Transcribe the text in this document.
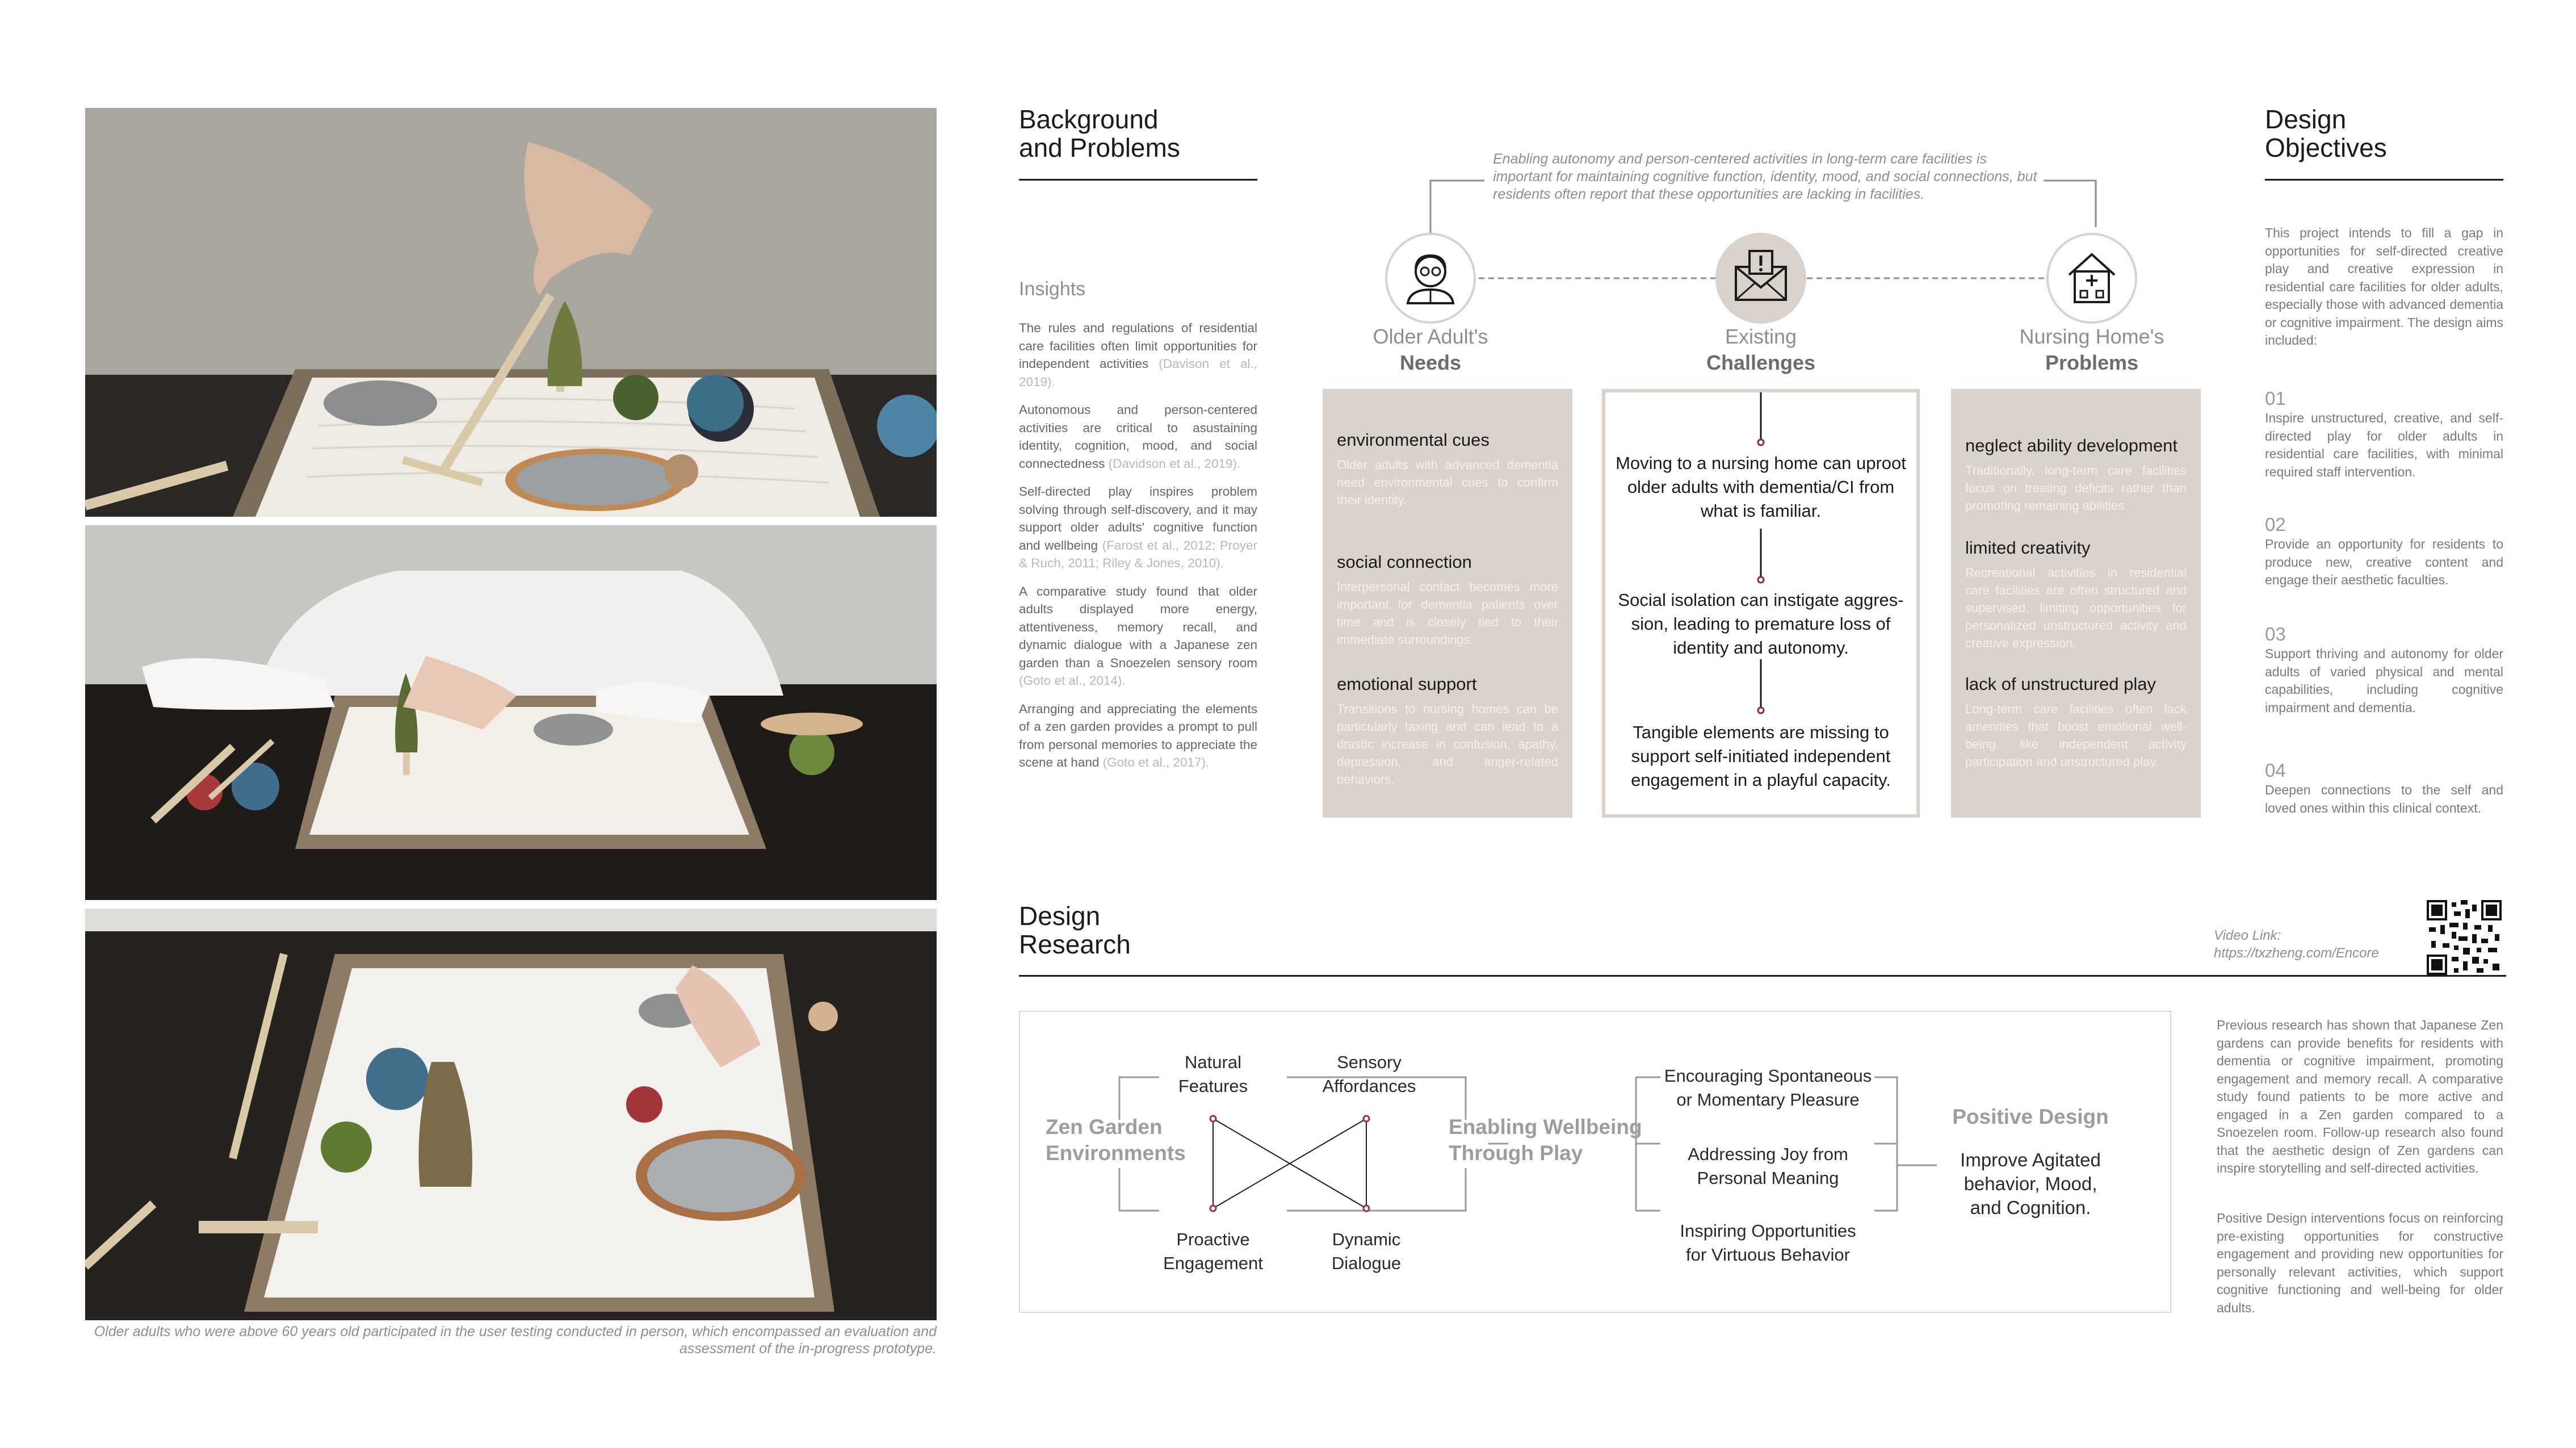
Older adults who were above 60 years old participated in the user testing conducted in person, which encompassed an evaluation and assessment of the in-progress prototype.
Background
and Problems
Insights

The rules and regulations of residential care facilities often limit opportunities for independent activities (Davison et al., 2019).

Autonomous and person-centered activities are critical to asustaining identity, cognition, mood, and social connectedness (Davidson et al., 2019).

Self-directed play inspires problem solving through self-discovery, and it may support older adults' cognitive function and wellbeing (Farost et al., 2012; Proyer & Ruch, 2011; Riley & Jones, 2010).

A comparative study found that older adults displayed more energy, attentiveness, memory recall, and dynamic dialogue with a Japanese zen garden than a Snoezelen sensory room (Goto et al., 2014).

Arranging and appreciating the elements of a zen garden provides a prompt to pull from personal memories to appreciate the scene at hand (Goto et al., 2017).

Enabling autonomy and person-centered activities in long-term care facilities is important for maintaining cognitive function, identity, mood, and social connections, but residents often report that these opportunities are lacking in facilities.
Older Adult's
Needs
Existing
Challenges
Nursing Home's
Problems
environmental cues
Older adults with advanced dementia need environmental cues to confirm their identity.
social connection
Interpersonal contact becomes more important for dementia patients over time and is closely tied to their immediate surroundings.
emotional support
Transitions to nursing homes can be particularly taxing and can lead to a drastic increase in confusion, apathy, depression, and anger-related behaviors.
Moving to a nursing home can uproot older adults with dementia/CI from what is familiar.
Social isolation can instigate aggres-sion, leading to premature loss of identity and autonomy.
Tangible elements are missing to support self-initiated independent engagement in a playful capacity.
neglect ability development
Traditionally, long-term care facilities focus on treating deficits rather than promoting remaining abilities.
limited creativity
Recreational activities in residential care facilities are often structured and supervised, limiting opportunities for personalized unstructured activity and creative expression.
lack of unstructured play
Long-term care facilities often lack amenities that boost emotional well-being, like independent activity participation and unstructured play.
Design
Objectives
This project intends to fill a gap in opportunities for self-directed creative play and creative expression in residential care facilities for older adults, especially those with advanced dementia or cognitive impairment. The design aims included:
01
Inspire unstructured, creative, and self-directed play for older adults in residential care facilities, with minimal required staff intervention.
02
Provide an opportunity for residents to produce new, creative content and engage their aesthetic faculties.
03
Support thriving and autonomy for older adults of varied physical and mental capabilities, including cognitive impairment and dementia.
04
Deepen connections to the self and loved ones within this clinical context.
Design
Research	Video Link:
https://txzheng.com/Encore
Zen Garden
Environments
Natural
Features
Sensory
Affordances
Proactive
Engagement
Dynamic
Dialogue
Enabling Wellbeing
Through Play
Encouraging Spontaneous
or Momentary Pleasure
Addressing Joy from
Personal Meaning
Inspiring Opportunities
for Virtuous Behavior
Positive Design
Improve Agitated
behavior, Mood,
and Cognition.
Previous research has shown that Japanese Zen gardens can provide benefits for residents with dementia or cognitive impairment, promoting engagement and memory recall. A comparative study found patients to be more active and engaged in a Zen garden compared to a Snoezelen room. Follow-up research also found that the aesthetic design of Zen gardens can inspire storytelling and self-directed activities.
Positive Design interventions focus on reinforcing pre-existing opportunities for constructive engagement and providing new opportunities for personally relevant activities, which support cognitive functioning and well-being for older adults.
